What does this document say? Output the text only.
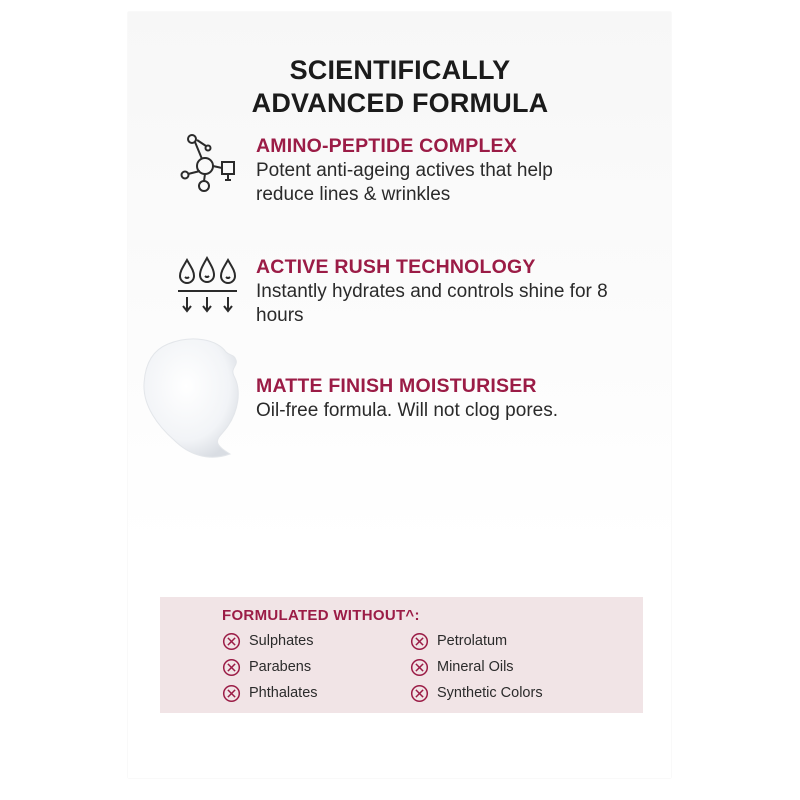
SCIENTIFICALLY
ADVANCED FORMULA
AMINO-PEPTIDE COMPLEX
Potent anti-ageing actives that help reduce lines & wrinkles
ACTIVE RUSH TECHNOLOGY
Instantly hydrates and controls shine for 8 hours
MATTE FINISH MOISTURISER
Oil-free formula. Will not clog pores.
FORMULATED WITHOUT^:
Sulphates
Parabens
Phthalates
Petrolatum
Mineral Oils
Synthetic Colors
